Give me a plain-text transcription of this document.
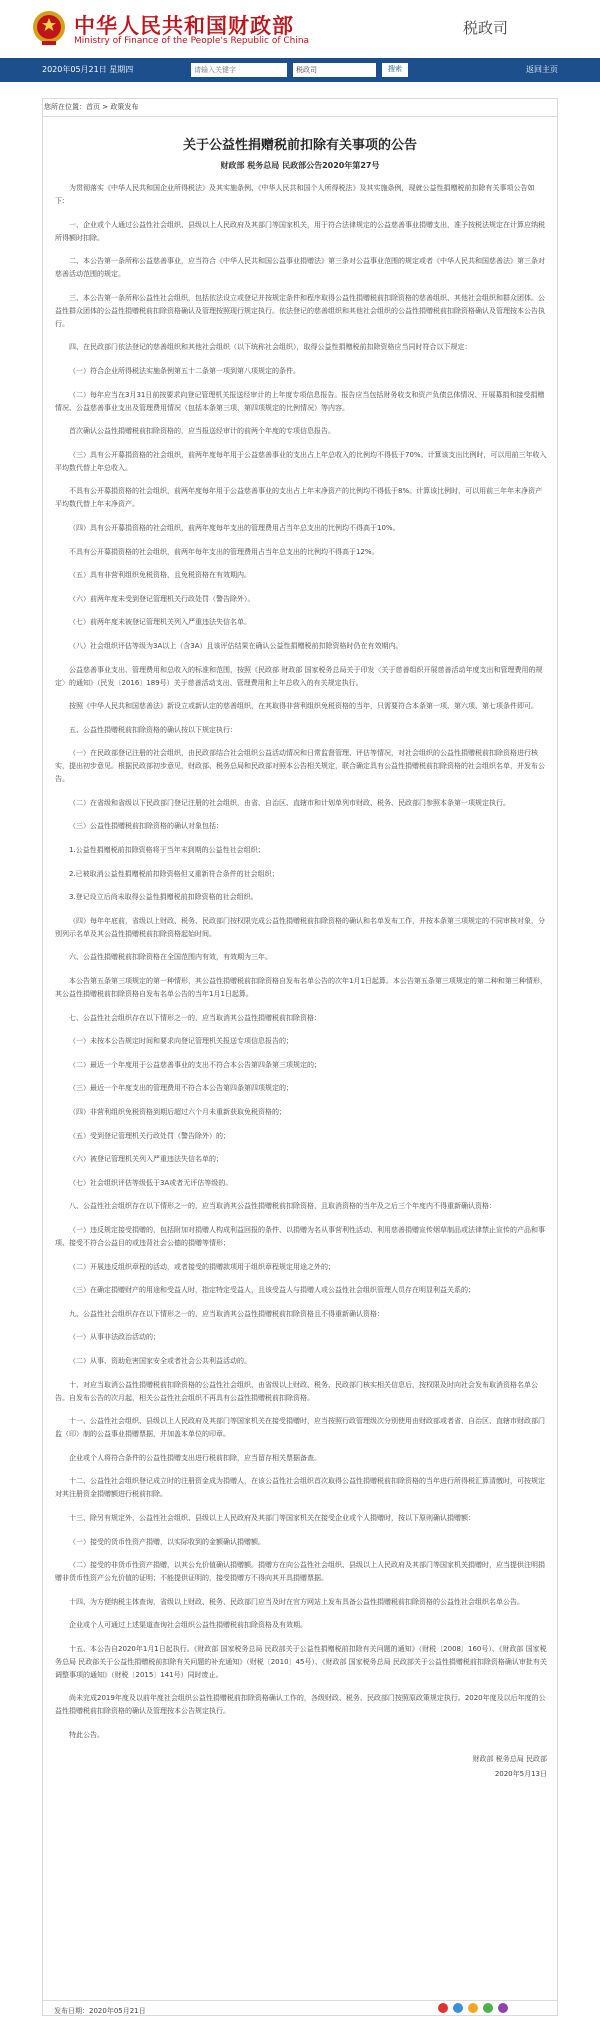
中华人民共和国财政部
Ministry of Finance of the People's Republic of China
税政司
2020年05月21日 星期四
请输入关键字	税政司	搜索	返回主页
您所在位置：首页 > 政策发布
关于公益性捐赠税前扣除有关事项的公告
财政部 税务总局 民政部公告2020年第27号

为贯彻落实《中华人民共和国企业所得税法》及其实施条例、《中华人民共和国个人所得税法》及其实施条例，现就公益性捐赠税前扣除有关事项公告如下：

一、企业或个人通过公益性社会组织、县级以上人民政府及其部门等国家机关，用于符合法律规定的公益慈善事业捐赠支出，准予按税法规定在计算应纳税所得额时扣除。

二、本公告第一条所称公益慈善事业，应当符合《中华人民共和国公益事业捐赠法》第三条对公益事业范围的规定或者《中华人民共和国慈善法》第三条对慈善活动范围的规定。

三、本公告第一条所称公益性社会组织，包括依法设立或登记并按规定条件和程序取得公益性捐赠税前扣除资格的慈善组织、其他社会组织和群众团体。公益性群众团体的公益性捐赠税前扣除资格确认及管理按照现行规定执行。依法登记的慈善组织和其他社会组织的公益性捐赠税前扣除资格确认及管理按本公告执行。

四、在民政部门依法登记的慈善组织和其他社会组织（以下统称社会组织），取得公益性捐赠税前扣除资格应当同时符合以下规定：

（一）符合企业所得税法实施条例第五十二条第一项到第八项规定的条件。

（二）每年应当在3月31日前按要求向登记管理机关报送经审计的上年度专项信息报告。报告应当包括财务收支和资产负债总体情况、开展募捐和接受捐赠情况、公益慈善事业支出及管理费用情况（包括本条第三项、第四项规定的比例情况）等内容。

首次确认公益性捐赠税前扣除资格的，应当报送经审计的前两个年度的专项信息报告。

（三）具有公开募捐资格的社会组织，前两年度每年用于公益慈善事业的支出占上年总收入的比例均不得低于70%。计算该支出比例时，可以用前三年收入平均数代替上年总收入。

不具有公开募捐资格的社会组织，前两年度每年用于公益慈善事业的支出占上年末净资产的比例均不得低于8%。计算该比例时，可以用前三年年末净资产平均数代替上年末净资产。

（四）具有公开募捐资格的社会组织，前两年度每年支出的管理费用占当年总支出的比例均不得高于10%。

不具有公开募捐资格的社会组织，前两年每年支出的管理费用占当年总支出的比例均不得高于12%。

（五）具有非营利组织免税资格，且免税资格在有效期内。

（六）前两年度未受到登记管理机关行政处罚（警告除外）。

（七）前两年度未被登记管理机关列入严重违法失信名单。

（八）社会组织评估等级为3A以上（含3A）且该评估结果在确认公益性捐赠税前扣除资格时仍在有效期内。

公益慈善事业支出、管理费用和总收入的标准和范围，按照《民政部 财政部 国家税务总局关于印发〈关于慈善组织开展慈善活动年度支出和管理费用的规定〉的通知》（民发〔2016〕189号）关于慈善活动支出、管理费用和上年总收入的有关规定执行。

按照《中华人民共和国慈善法》新设立或新认定的慈善组织，在其取得非营利组织免税资格的当年，只需要符合本条第一项、第六项、第七项条件即可。

五、公益性捐赠税前扣除资格的确认按以下规定执行：

（一）在民政部登记注册的社会组织，由民政部结合社会组织公益活动情况和日常监督管理、评估等情况，对社会组织的公益性捐赠税前扣除资格进行核实，提出初步意见。根据民政部初步意见，财政部、税务总局和民政部对照本公告相关规定，联合确定具有公益性捐赠税前扣除资格的社会组织名单，并发布公告。

（二）在省级和省级以下民政部门登记注册的社会组织，由省、自治区、直辖市和计划单列市财政、税务、民政部门参照本条第一项规定执行。

（三）公益性捐赠税前扣除资格的确认对象包括：

1.公益性捐赠税前扣除资格将于当年末到期的公益性社会组织；

2.已被取消公益性捐赠税前扣除资格但又重新符合条件的社会组织；

3.登记设立后尚未取得公益性捐赠税前扣除资格的社会组织。

（四）每年年底前，省级以上财政、税务、民政部门按权限完成公益性捐赠税前扣除资格的确认和名单发布工作，并按本条第三项规定的不同审核对象，分别列示名单及其公益性捐赠税前扣除资格起始时间。

六、公益性捐赠税前扣除资格在全国范围内有效，有效期为三年。

本公告第五条第三项规定的第一种情形，其公益性捐赠税前扣除资格自发布名单公告的次年1月1日起算。本公告第五条第三项规定的第二种和第三种情形，其公益性捐赠税前扣除资格自发布名单公告的当年1月1日起算。

七、公益性社会组织存在以下情形之一的，应当取消其公益性捐赠税前扣除资格：

（一）未按本公告规定时间和要求向登记管理机关报送专项信息报告的；

（二）最近一个年度用于公益慈善事业的支出不符合本公告第四条第三项规定的；

（三）最近一个年度支出的管理费用不符合本公告第四条第四项规定的；

（四）非营利组织免税资格到期后超过六个月未重新获取免税资格的；

（五）受到登记管理机关行政处罚（警告除外）的；

（六）被登记管理机关列入严重违法失信名单的；

（七）社会组织评估等级低于3A或者无评估等级的。

八、公益性社会组织存在以下情形之一的，应当取消其公益性捐赠税前扣除资格，且取消资格的当年及之后三个年度内不得重新确认资格：

（一）违反规定接受捐赠的，包括附加对捐赠人构成利益回报的条件、以捐赠为名从事营利性活动、利用慈善捐赠宣传烟草制品或法律禁止宣传的产品和事项、接受不符合公益目的或违背社会公德的捐赠等情形；

（二）开展违反组织章程的活动，或者接受的捐赠款项用于组织章程规定用途之外的；

（三）在确定捐赠财产的用途和受益人时，指定特定受益人，且该受益人与捐赠人或公益性社会组织管理人员存在明显利益关系的；

九、公益性社会组织存在以下情形之一的，应当取消其公益性捐赠税前扣除资格且不得重新确认资格：

（一）从事非法政治活动的；

（二）从事、资助危害国家安全或者社会公共利益活动的。

十、对应当取消公益性捐赠税前扣除资格的公益性社会组织，由省级以上财政、税务、民政部门核实相关信息后，按权限及时向社会发布取消资格名单公告。自发布公告的次月起，相关公益性社会组织不再具有公益性捐赠税前扣除资格。

十一、公益性社会组织、县级以上人民政府及其部门等国家机关在接受捐赠时，应当按照行政管理级次分别使用由财政部或者省、自治区、直辖市财政部门监（印）制的公益事业捐赠票据，并加盖本单位的印章。

企业或个人将符合条件的公益性捐赠支出进行税前扣除，应当留存相关票据备查。

十二、公益性社会组织登记成立时的注册资金成为捐赠人，在该公益性社会组织首次取得公益性捐赠税前扣除资格的当年进行所得税汇算清缴时，可按规定对其注册资金捐赠额进行税前扣除。

十三、除另有规定外，公益性社会组织、县级以上人民政府及其部门等国家机关在接受企业或个人捐赠时，按以下原则确认捐赠额：

（一）接受的货币性资产捐赠，以实际收到的金额确认捐赠额。

（二）接受的非货币性资产捐赠，以其公允价值确认捐赠额。捐赠方在向公益性社会组织、县级以上人民政府及其部门等国家机关捐赠时，应当提供注明捐赠非货币性资产公允价值的证明；不能提供证明的，接受捐赠方不得向其开具捐赠票据。

十四、为方便纳税主体查询，省级以上财政、税务、民政部门应当及时在官方网站上发布具备公益性捐赠税前扣除资格的公益性社会组织名单公告。

企业或个人可通过上述渠道查询社会组织公益性捐赠税前扣除资格及有效期。

十五、本公告自2020年1月1日起执行。《财政部 国家税务总局 民政部关于公益性捐赠税前扣除有关问题的通知》（财税〔2008〕160号）、《财政部 国家税务总局 民政部关于公益性捐赠税前扣除有关问题的补充通知》（财税〔2010〕45号）、《财政部 国家税务总局 民政部关于公益性捐赠税前扣除资格确认审批有关调整事项的通知》（财税〔2015〕141号）同时废止。

尚未完成2019年度及以前年度社会组织公益性捐赠税前扣除资格确认工作的，各级财政、税务、民政部门按照原政策规定执行。2020年度及以后年度的公益性捐赠税前扣除资格的确认及管理按本公告规定执行。

特此公告。

财政部 税务总局 民政部

2020年5月13日

发布日期：2020年05月21日
